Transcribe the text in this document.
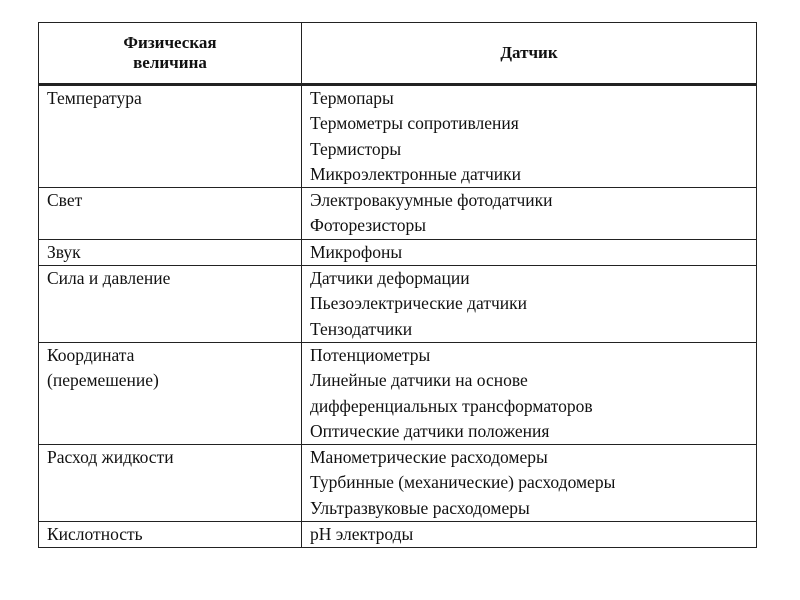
Физическая
величина	Датчик

Температура	Термопары
Термометры сопротивления
Термисторы
Микроэлектронные датчики

Свет	Электровакуумные фотодатчики
Фоторезисторы

Звук	Микрофоны

Сила и давление	Датчики деформации
Пьезоэлектрические датчики
Тензодатчики

Координата
(перемешение)	Потенциометры
Линейные датчики на основе
дифференциальных трансформаторов
Оптические датчики положения

Расход жидкости	Манометрические расходомеры
Турбинные (механические) расходомеры
Ультразвуковые расходомеры

Кислотность	pH электроды
